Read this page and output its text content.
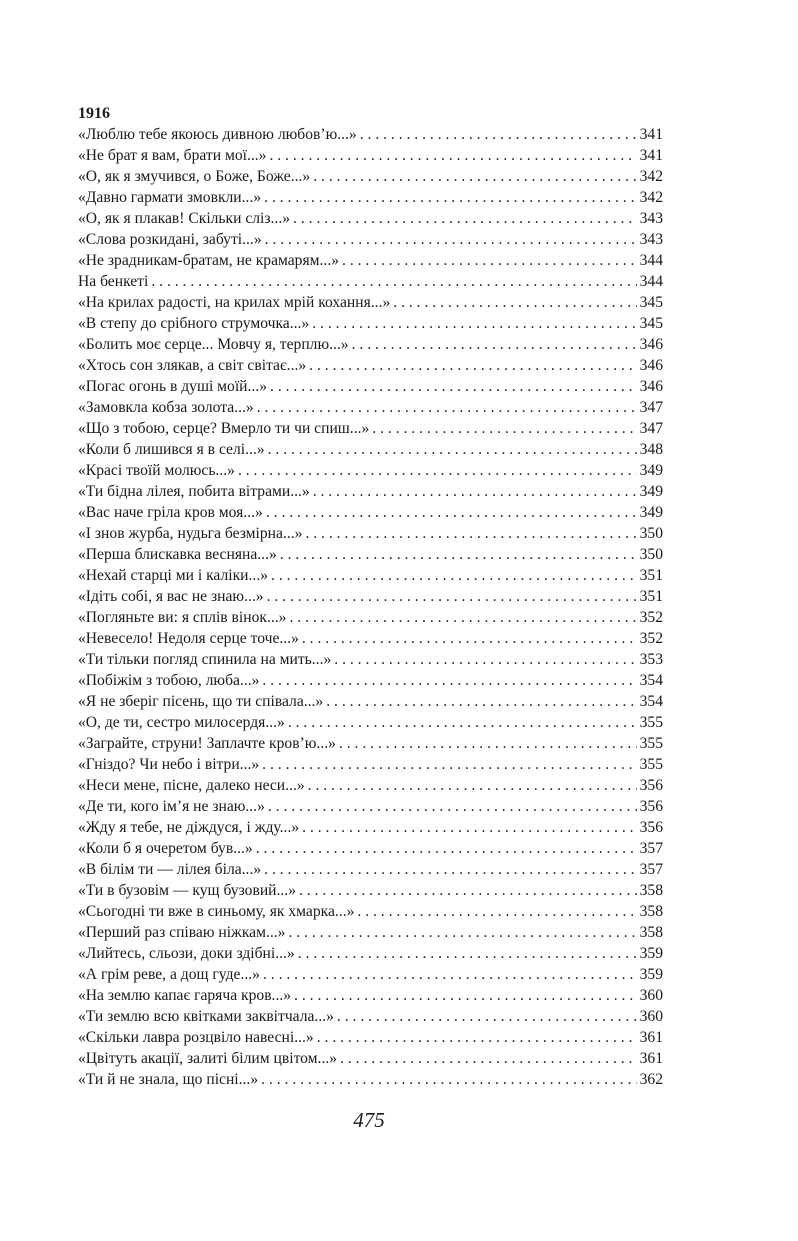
1916
«Люблю тебе якоюсь дивною любов’ю...» . . .	341
«Не брат я вам, брати мої...» . . .	341
«О, як я змучився, о Боже, Боже...» . . .	342
«Давно гармати змовкли...» . . .	342
«О, як я плакав! Скільки сліз...» . . .	343
«Слова розкидані, забуті...» . . .	343
«Не зрадникам-братам, не крамарям...» . . .	344
На бенкеті . . .	344
«На крилах радості, на крилах мрій кохання...» . . .	345
«В степу до срібного струмочка...» . . .	345
«Болить моє серце... Мовчу я, терплю...» . . .	346
«Хтось сон злякав, а світ світає...» . . .	346
«Погас огонь в душі моїй...» . . .	346
«Замовкла кобза золота...» . . .	347
«Що з тобою, серце? Вмерло ти чи спиш...» . . .	347
«Коли б лишився я в селі...» . . .	348
«Красі твоїй молюсь...» . . .	349
«Ти бідна лілея, побита вітрами...» . . .	349
«Вас наче гріла кров моя...» . . .	349
«І знов журба, нудьга безмірна...» . . .	350
«Перша блискавка весняна...» . . .	350
«Нехай старці ми і каліки...» . . .	351
«Ідіть собі, я вас не знаю...» . . .	351
«Погляньте ви: я сплів вінок...» . . .	352
«Невесело! Недоля серце точе...» . . .	352
«Ти тільки погляд спинила на мить...» . . .	353
«Побіжім з тобою, люба...» . . .	354
«Я не зберіг пісень, що ти співала...» . . .	354
«О, де ти, сестро милосердя...» . . .	355
«Заграйте, струни! Заплачте кров’ю...» . . .	355
«Гніздо? Чи небо і вітри...» . . .	355
«Неси мене, пісне, далеко неси...» . . .	356
«Де ти, кого ім’я не знаю...» . . .	356
«Жду я тебе, не діждуся, і жду...» . . .	356
«Коли б я очеретом був...» . . .	357
«В білім ти — лілея біла...» . . .	357
«Ти в бузовім — кущ бузовий...» . . .	358
«Сьогодні ти вже в синьому, як хмарка...» . . .	358
«Перший раз співаю ніжкам...» . . .	358
«Лийтесь, сльози, доки здібні...» . . .	359
«А грім реве, а дощ гуде...» . . .	359
«На землю капає гаряча кров...» . . .	360
«Ти землю всю квітками заквітчала...» . . .	360
«Скільки лавра розцвіло навесні...» . . .	361
«Цвітуть акації, залиті білим цвітом...» . . .	361
«Ти й не знала, що пісні...» . . .	362
475
